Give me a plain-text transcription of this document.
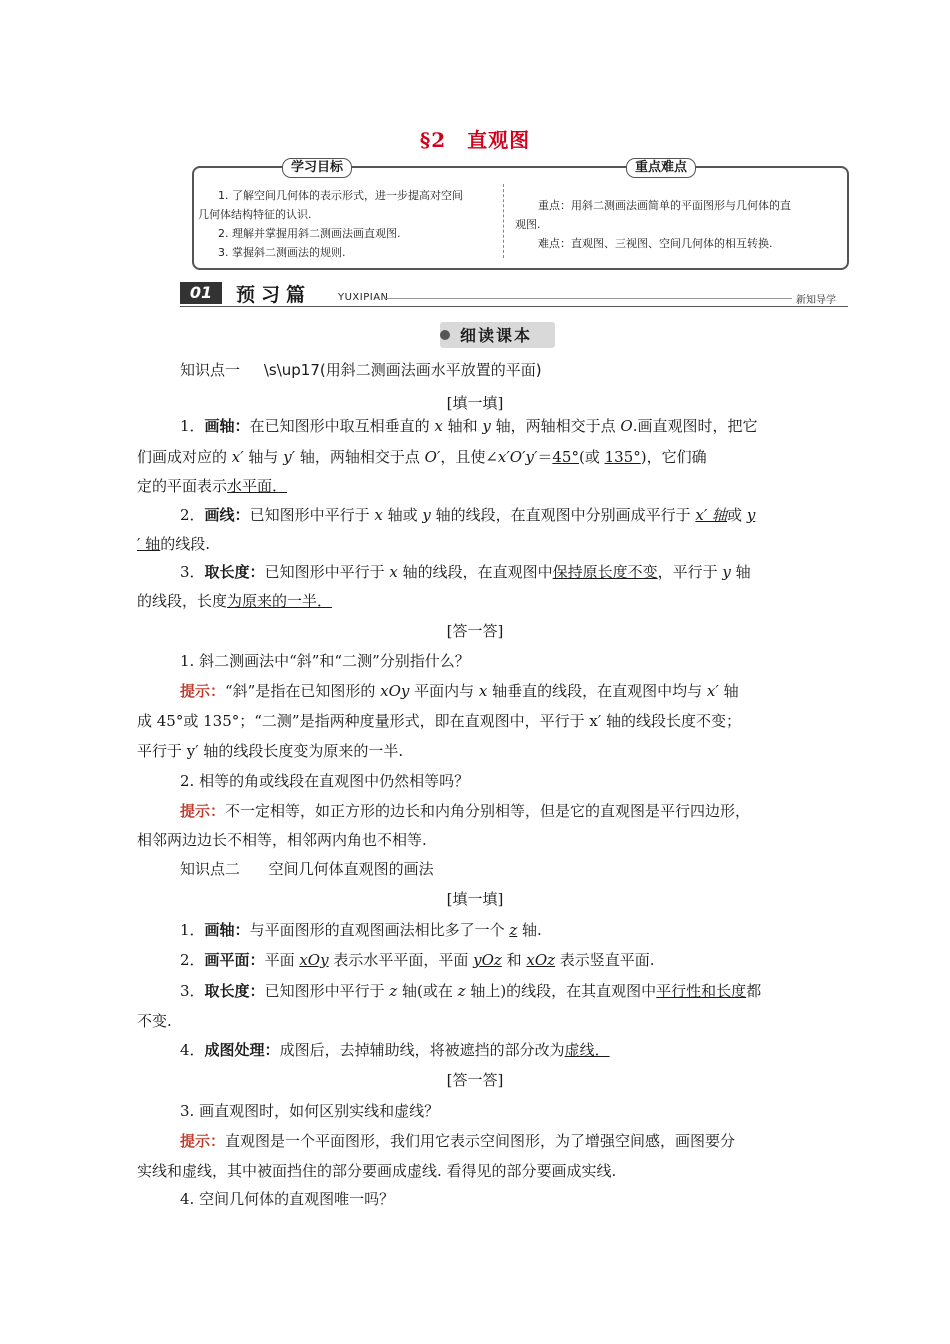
§2　直观图
学习目标	重点难点
1. 了解空间几何体的表示形式，进一步提高对空间
几何体结构特征的认识.
2. 理解并掌握用斜二测画法画直观图.
3. 掌握斜二测画法的规则.
重点：用斜二测画法画简单的平面图形与几何体的直
观图.
难点：直观图、三视图、空间几何体的相互转换.
01	预习篇	YUXIPIAN	新知导学
细读课本
知识点一 \s\up17(用斜二测画法画水平放置的平面)
[填一填]
1．画轴：在已知图形中取互相垂直的 x 轴和 y 轴，两轴相交于点 O.画直观图时，把它
们画成对应的 x′ 轴与 y′ 轴，两轴相交于点 O′，且使∠x′O′y′＝45°(或 135°)，它们确
定的平面表示水平面．
2．画线：已知图形中平行于 x 轴或 y 轴的线段，在直观图中分别画成平行于 x′ 轴或 y
′ 轴的线段.
3．取长度：已知图形中平行于 x 轴的线段，在直观图中保持原长度不变，平行于 y 轴
的线段，长度为原来的一半．
[答一答]
1. 斜二测画法中“斜”和“二测”分别指什么？
提示：“斜”是指在已知图形的 xOy 平面内与 x 轴垂直的线段，在直观图中均与 x′ 轴
成 45°或 135°；“二测”是指两种度量形式，即在直观图中，平行于 x′ 轴的线段长度不变；
平行于 y′ 轴的线段长度变为原来的一半.
2. 相等的角或线段在直观图中仍然相等吗？
提示：不一定相等，如正方形的边长和内角分别相等，但是它的直观图是平行四边形，
相邻两边边长不相等，相邻两内角也不相等.
知识点二 空间几何体直观图的画法
[填一填]
1．画轴：与平面图形的直观图画法相比多了一个 z 轴.
2．画平面：平面 xOy 表示水平平面，平面 yOz 和 xOz 表示竖直平面.
3．取长度：已知图形中平行于 z 轴(或在 z 轴上)的线段，在其直观图中平行性和长度都
不变.
4．成图处理：成图后，去掉辅助线，将被遮挡的部分改为虚线．
[答一答]
3. 画直观图时，如何区别实线和虚线？
提示：直观图是一个平面图形，我们用它表示空间图形，为了增强空间感，画图要分
实线和虚线，其中被面挡住的部分要画成虚线. 看得见的部分要画成实线.
4. 空间几何体的直观图唯一吗？
